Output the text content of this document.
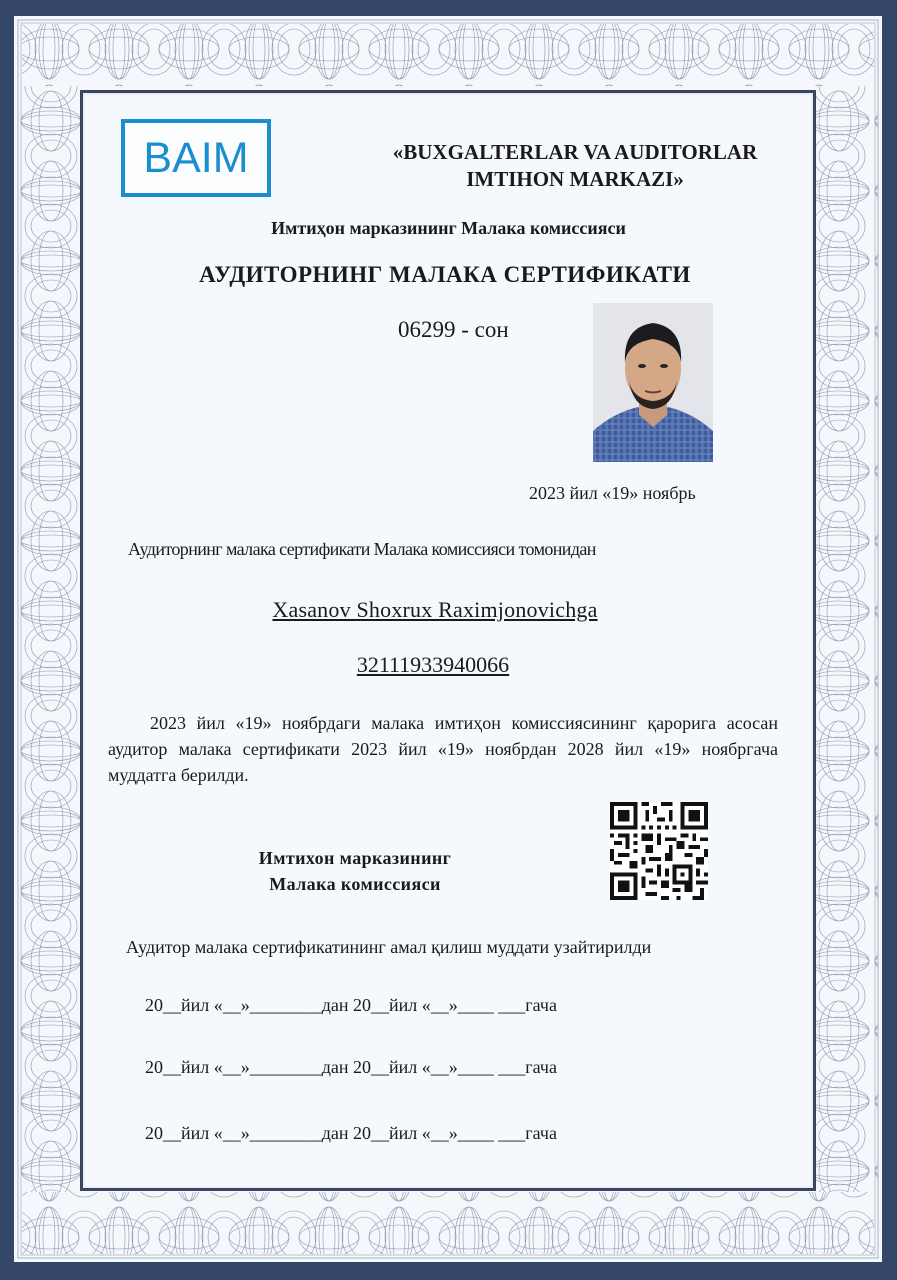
BAIM	«BUXGALTERLAR VA AUDITORLAR
IMTIHON MARKAZI»
Имтиҳон марказининг Малака комиссияси
АУДИТОРНИНГ МАЛАКА СЕРТИФИКАТИ
06299 - сон
2023 йил «19» ноябрь
Аудиторнинг малака сертификати Малака комиссияси томонидан
Xasanov Shoxrux Raximjonovichga
32111933940066
2023 йил «19» ноябрдаги малака имтиҳон комиссиясининг қарорига асосан аудитор малака сертификати 2023 йил «19» ноябрдан 2028 йил «19» ноябргача муддатга берилди.
Имтихон марказининг
Малака комиссияси
Аудитор малака сертификатининг амал қилиш муддати узайтирилди
20__йил «__»________дан 20__йил «__»____ ___гача
20__йил «__»________дан 20__йил «__»____ ___гача
20__йил «__»________дан 20__йил «__»____ ___гача
